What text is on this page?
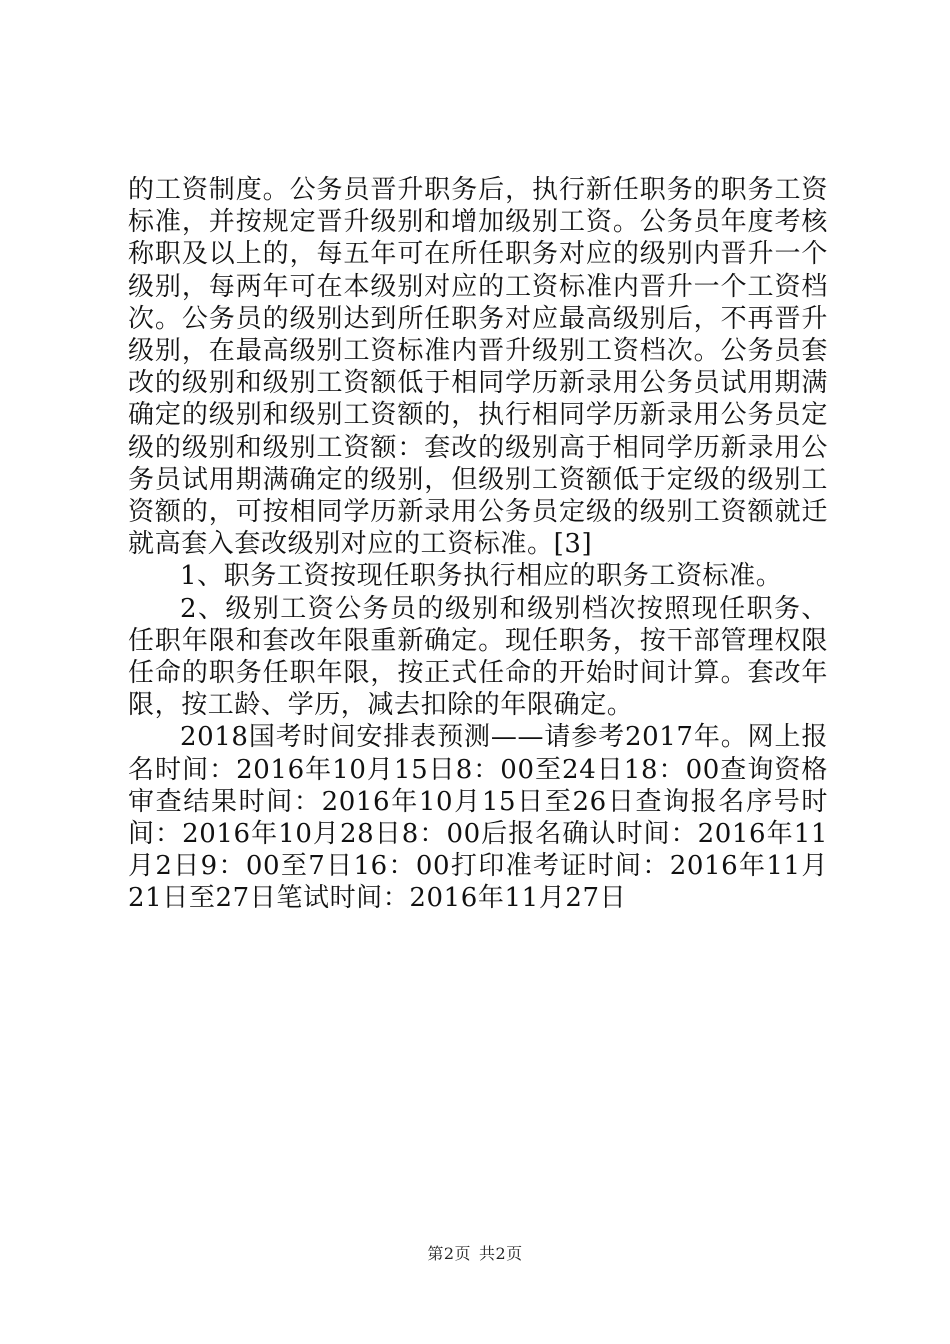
的工资制度。公务员晋升职务后，执行新任职务的职务工资标准，并按规定晋升级别和增加级别工资。公务员年度考核称职及以上的，每五年可在所任职务对应的级别内晋升一个级别，每两年可在本级别对应的工资标准内晋升一个工资档次。公务员的级别达到所任职务对应最高级别后，不再晋升级别，在最高级别工资标准内晋升级别工资档次。公务员套改的级别和级别工资额低于相同学历新录用公务员试用期满确定的级别和级别工资额的，执行相同学历新录用公务员定级的级别和级别工资额：套改的级别高于相同学历新录用公务员试用期满确定的级别，但级别工资额低于定级的级别工资额的，可按相同学历新录用公务员定级的级别工资额就迁就高套入套改级别对应的工资标准。[3]

1、职务工资按现任职务执行相应的职务工资标准。

2、级别工资公务员的级别和级别档次按照现任职务、任职年限和套改年限重新确定。现任职务，按干部管理权限任命的职务任职年限，按正式任命的开始时间计算。套改年限，按工龄、学历，减去扣除的年限确定。

2018国考时间安排表预测——请参考2017年。网上报名时间：2016年10月15日8：00至24日18：00查询资格审查结果时间：2016年10月15日至26日查询报名序号时间：2016年10月28日8：00后报名确认时间：2016年11月2日9：00至7日16：00打印准考证时间：2016年11月21日至27日笔试时间：2016年11月27日

第2页 共2页
